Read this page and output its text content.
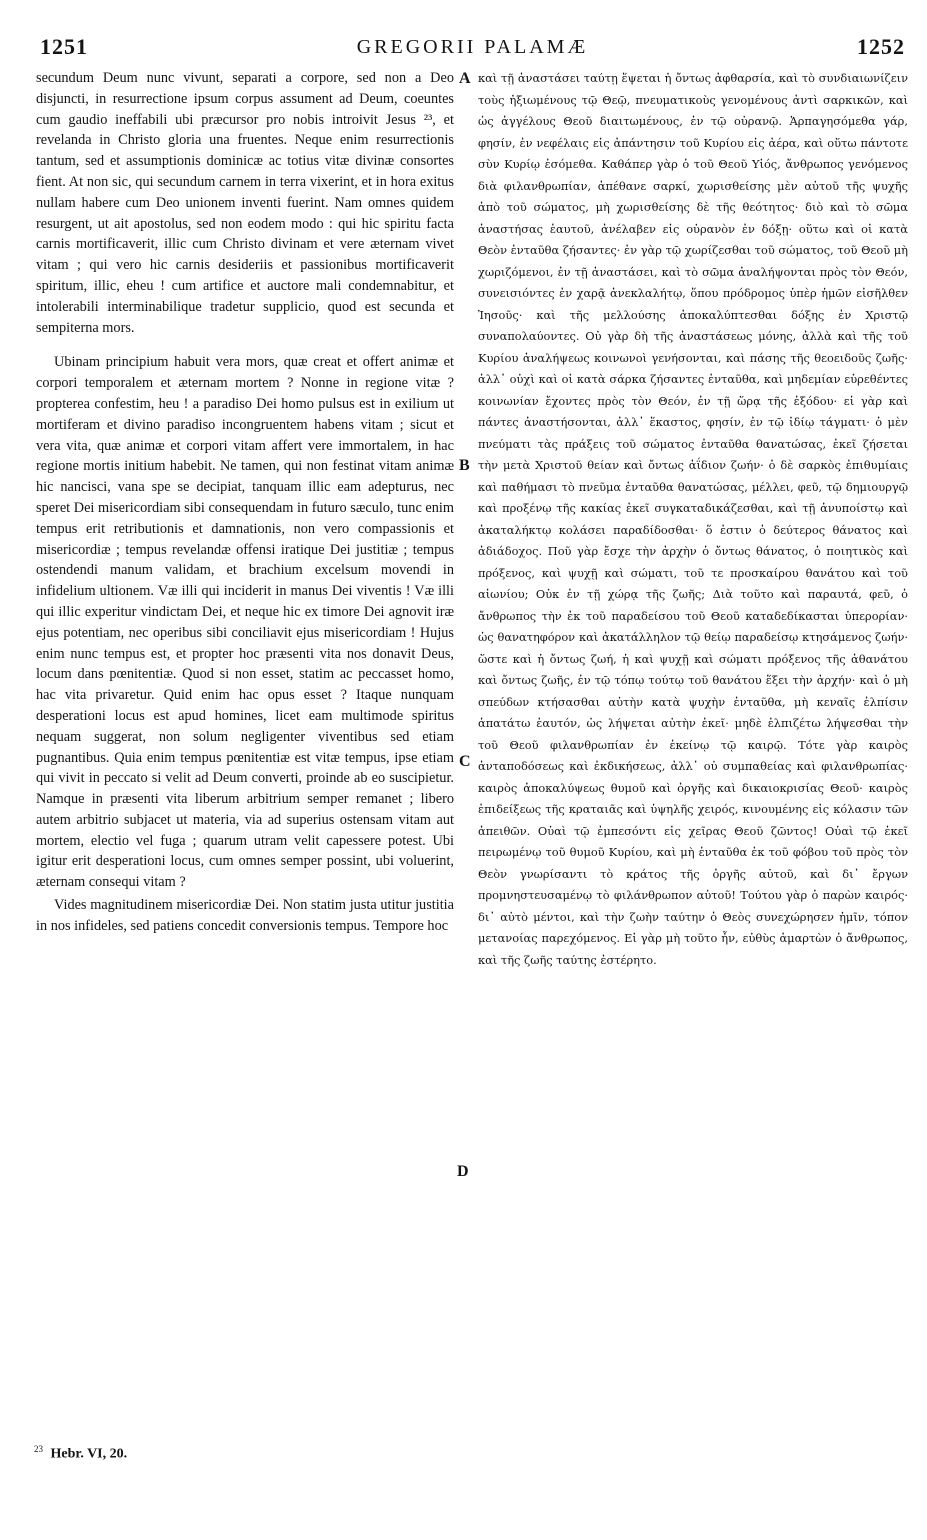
1251	GREGORII PALAMÆ	1252

secundum Deum nunc vivunt, separati a corpore, sed non a Deo disjuncti, in resurrectione ipsum corpus assument ad Deum, coeuntes cum gaudio ineffabili ubi præcursor pro nobis introivit Jesus ²³, et revelanda in Christo gloria una fruentes. Neque enim resurrectionis tantum, sed et assumptionis dominicæ ac totius vitæ divinæ consortes fient. At non sic, qui secundum carnem in terra vixerint, et in hora exitus nullam habere cum Deo unionem inventi fuerint. Nam omnes quidem resurgent, ut ait apostolus, sed non eodem modo : qui hic spiritu facta carnis mortificaverit, illic cum Christo divinam et vere æternam vivet vitam ; qui vero hic carnis desideriis et passionibus mortificaverit spiritum, illic, eheu ! cum artifice et auctore mali condemnabitur, et intolerabili interminabilique tradetur supplicio, quod est secunda et sempiterna mors.

Ubinam principium habuit vera mors, quæ creat et offert animæ et corpori temporalem et æternam mortem ? Nonne in regione vitæ ? propterea confestim, heu ! a paradiso Dei homo pulsus est in exilium ut mortiferam et divino paradiso incongruentem habens vitam ; sicut et vera vita, quæ animæ et corpori vitam affert vere immortalem, in hac regione mortis initium habebit. Ne tamen, qui non festinat vitam animæ hic nancisci, vana spe se decipiat, tanquam illic eam adepturus, nec speret Dei misericordiam sibi consequendam in futuro sæculo, tunc enim tempus erit retributionis et damnationis, non vero compassionis et misericordiæ ; tempus revelandæ offensi iratique Dei justitiæ ; tempus ostendendi manum validam, et brachium excelsum movendi in infidelium ultionem. Væ illi qui inciderit in manus Dei viventis ! Væ illi qui illic experitur vindictam Dei, et neque hic ex timore Dei agnovit iræ ejus potentiam, nec operibus sibi conciliavit ejus misericordiam ! Hujus enim nunc tempus est, et propter hoc præsenti vita nos donavit Deus, locum dans pœnitentiæ. Quod si non esset, statim ac peccasset homo, hac vita privaretur. Quid enim hac opus esset ? Itaque nunquam desperationi locus est apud homines, licet eam multimode spiritus nequam suggerat, non solum negligenter viventibus sed etiam pugnantibus. Quia enim tempus pœnitentiæ est vitæ tempus, ipse etiam qui vivit in peccato si velit ad Deum converti, proinde ab eo suscipietur. Namque in præsenti vita liberum arbitrium semper remanet ; libero autem arbitrio subjacet ut materia, via ad superius ostensam vitam aut mortem, electio vel fuga ; quarum utram velit capessere potest. Ubi igitur erit desperationi locus, cum omnes semper possint, ubi voluerint, æternam consequi vitam ?

Vides magnitudinem misericordiæ Dei. Non statim justa utitur justitia in nos infideles, sed patiens concedit conversionis tempus. Tempore hoc

$^{23}$ Hebr. VI, 20.
A
B
C
D

καὶ τῇ ἀναστάσει ταύτῃ ἕψεται ἡ ὄντως ἀφθαρσία, καὶ τὸ συνδιαιωνίζειν τοὺς ἠξιωμένους τῷ Θεῷ, πνευματικοὺς γενομένους ἀντὶ σαρκικῶν, καὶ ὡς ἀγγέλους Θεοῦ διαιτωμένους, ἐν τῷ οὐρανῷ. Ἁρπαγησόμεθα γάρ, φησίν, ἐν νεφέλαις εἰς ἀπάντησιν τοῦ Κυρίου εἰς ἀέρα, καὶ οὕτω πάντοτε σὺν Κυρίῳ ἐσόμεθα. Καθάπερ γὰρ ὁ τοῦ Θεοῦ Υἱός, ἄνθρωπος γενόμενος διὰ φιλανθρωπίαν, ἀπέθανε σαρκί, χωρισθείσης μὲν αὐτοῦ τῆς ψυχῆς ἀπὸ τοῦ σώματος, μὴ χωρισθείσης δὲ τῆς θεότητος· διὸ καὶ τὸ σῶμα ἀναστήσας ἑαυτοῦ, ἀνέλαβεν εἰς οὐρανὸν ἐν δόξῃ· οὕτω καὶ οἱ κατὰ Θεὸν ἐνταῦθα ζήσαντες· ἐν γὰρ τῷ χωρίζεσθαι τοῦ σώματος, τοῦ Θεοῦ μὴ χωριζόμενοι, ἐν τῇ ἀναστάσει, καὶ τὸ σῶμα ἀναλήψονται πρὸς τὸν Θεόν, συνεισιόντες ἐν χαρᾷ ἀνεκλαλήτῳ, ὅπου πρόδρομος ὑπὲρ ἡμῶν εἰσῆλθεν Ἰησοῦς· καὶ τῆς μελλούσης ἀποκαλύπτεσθαι δόξης ἐν Χριστῷ συναπολαύοντες. Οὐ γὰρ δὴ τῆς ἀναστάσεως μόνης, ἀλλὰ καὶ τῆς τοῦ Κυρίου ἀναλήψεως κοινωνοὶ γενήσονται, καὶ πάσης τῆς θεοειδοῦς ζωῆς· ἀλλ᾽ οὐχὶ καὶ οἱ κατὰ σάρκα ζήσαντες ἐνταῦθα, καὶ μηδεμίαν εὑρεθέντες κοινωνίαν ἔχοντες πρὸς τὸν Θεόν, ἐν τῇ ὥρᾳ τῆς ἐξόδου· εἰ γὰρ καὶ πάντες ἀναστήσονται, ἀλλ᾽ ἕκαστος, φησίν, ἐν τῷ ἰδίῳ τάγματι· ὁ μὲν πνεύματι τὰς πράξεις τοῦ σώματος ἐνταῦθα θανατώσας, ἐκεῖ ζήσεται τὴν μετὰ Χριστοῦ θείαν καὶ ὄντως ἀΐδιον ζωήν· ὁ δὲ σαρκὸς ἐπιθυμίαις καὶ παθήμασι τὸ πνεῦμα ἐνταῦθα θανατώσας, μέλλει, φεῦ, τῷ δημιουργῷ καὶ προξένῳ τῆς κακίας ἐκεῖ συγκαταδικάζεσθαι, καὶ τῇ ἀνυποίστῳ καὶ ἀκαταλήκτῳ κολάσει παραδίδοσθαι· ὅ ἐστιν ὁ δεύτερος θάνατος καὶ ἀδιάδοχος. Ποῦ γὰρ ἔσχε τὴν ἀρχὴν ὁ ὄντως θάνατος, ὁ ποιητικὸς καὶ πρόξενος, καὶ ψυχῇ καὶ σώματι, τοῦ τε προσκαίρου θανάτου καὶ τοῦ αἰωνίου; Οὐκ ἐν τῇ χώρᾳ τῆς ζωῆς; Διὰ τοῦτο καὶ παραυτά, φεῦ, ὁ ἄνθρωπος τὴν ἐκ τοῦ παραδείσου τοῦ Θεοῦ καταδεδίκασται ὑπερορίαν· ὡς θανατηφόρον καὶ ἀκατάλληλον τῷ θείῳ παραδείσῳ κτησάμενος ζωήν· ὥστε καὶ ἡ ὄντως ζωή, ἡ καὶ ψυχῇ καὶ σώματι πρόξενος τῆς ἀθανάτου καὶ ὄντως ζωῆς, ἐν τῷ τόπῳ τούτῳ τοῦ θανάτου ἕξει τὴν ἀρχήν· καὶ ὁ μὴ σπεύδων κτήσασθαι αὐτὴν κατὰ ψυχὴν ἐνταῦθα, μὴ κεναῖς ἐλπίσιν ἀπατάτω ἑαυτόν, ὡς λήψεται αὐτὴν ἐκεῖ· μηδὲ ἐλπιζέτω λήψεσθαι τὴν τοῦ Θεοῦ φιλανθρωπίαν ἐν ἐκείνῳ τῷ καιρῷ. Τότε γὰρ καιρὸς ἀνταποδόσεως καὶ ἐκδικήσεως, ἀλλ᾽ οὐ συμπαθείας καὶ φιλανθρωπίας· καιρὸς ἀποκαλύψεως θυμοῦ καὶ ὀργῆς καὶ δικαιοκρισίας Θεοῦ· καιρὸς ἐπιδείξεως τῆς κραταιᾶς καὶ ὑψηλῆς χειρός, κινουμένης εἰς κόλασιν τῶν ἀπειθῶν. Οὐαὶ τῷ ἐμπεσόντι εἰς χεῖρας Θεοῦ ζῶντος! Οὐαὶ τῷ ἐκεῖ πειρωμένῳ τοῦ θυμοῦ Κυρίου, καὶ μὴ ἐνταῦθα ἐκ τοῦ φόβου τοῦ πρὸς τὸν Θεὸν γνωρίσαντι τὸ κράτος τῆς ὀργῆς αὐτοῦ, καὶ δι᾽ ἔργων προμνηστευσαμένῳ τὸ φιλάνθρωπον αὐτοῦ! Τούτου γὰρ ὁ παρὼν καιρός· δι᾽ αὐτὸ μέντοι, καὶ τὴν ζωὴν ταύτην ὁ Θεὸς συνεχώρησεν ἡμῖν, τόπον μετανοίας παρεχόμενος. Εἰ γὰρ μὴ τοῦτο ἦν, εὐθὺς ἁμαρτὼν ὁ ἄνθρωπος, καὶ τῆς ζωῆς ταύτης ἐστέρητο.
